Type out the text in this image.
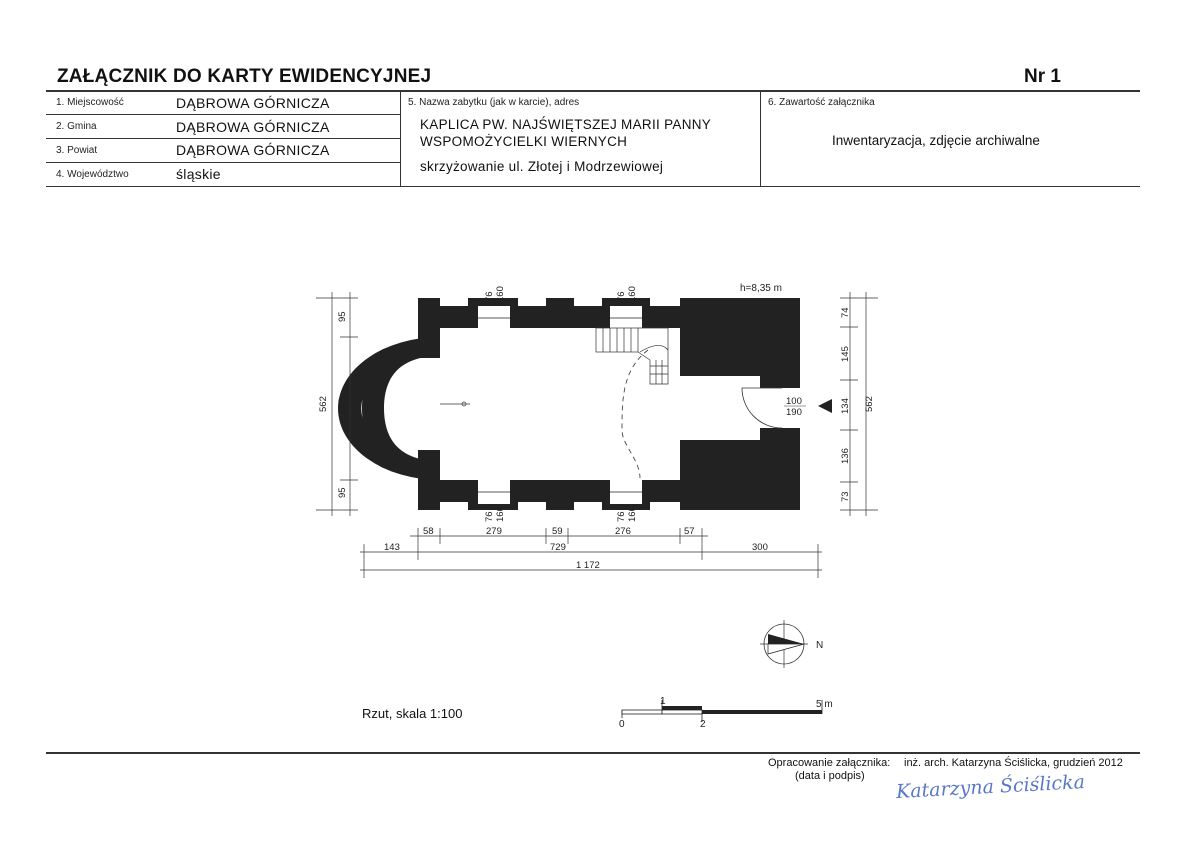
ZAŁĄCZNIK DO KARTY EWIDENCYJNEJ	Nr 1
1. Miejscowość	DĄBROWA GÓRNICZA
2. Gmina	DĄBROWA GÓRNICZA
3. Powiat	DĄBROWA GÓRNICZA
4. Województwo	śląskie
5. Nazwa zabytku (jak w karcie), adres
KAPLICA PW. NAJŚWIĘTSZEJ MARII PANNY
WSPOMOŻYCIELKI WIERNYCH
skrzyżowanie ul. Złotej i Modrzewiowej
6. Zawartość załącznika
Inwentaryzacja, zdjęcie archiwalne
h=8,35 m
76 160	76 160
76 160	76 160
100
190
95
372
95
562
74
145
134
136
73
562
58	279	59	276	57
143	729	300
1 172
N
0
1
2
5 m
Rzut, skala 1:100
Opracowanie załącznika:
(data i podpis)
inż. arch. Katarzyna Ściślicka, grudzień 2012
Katarzyna Ściślicka
